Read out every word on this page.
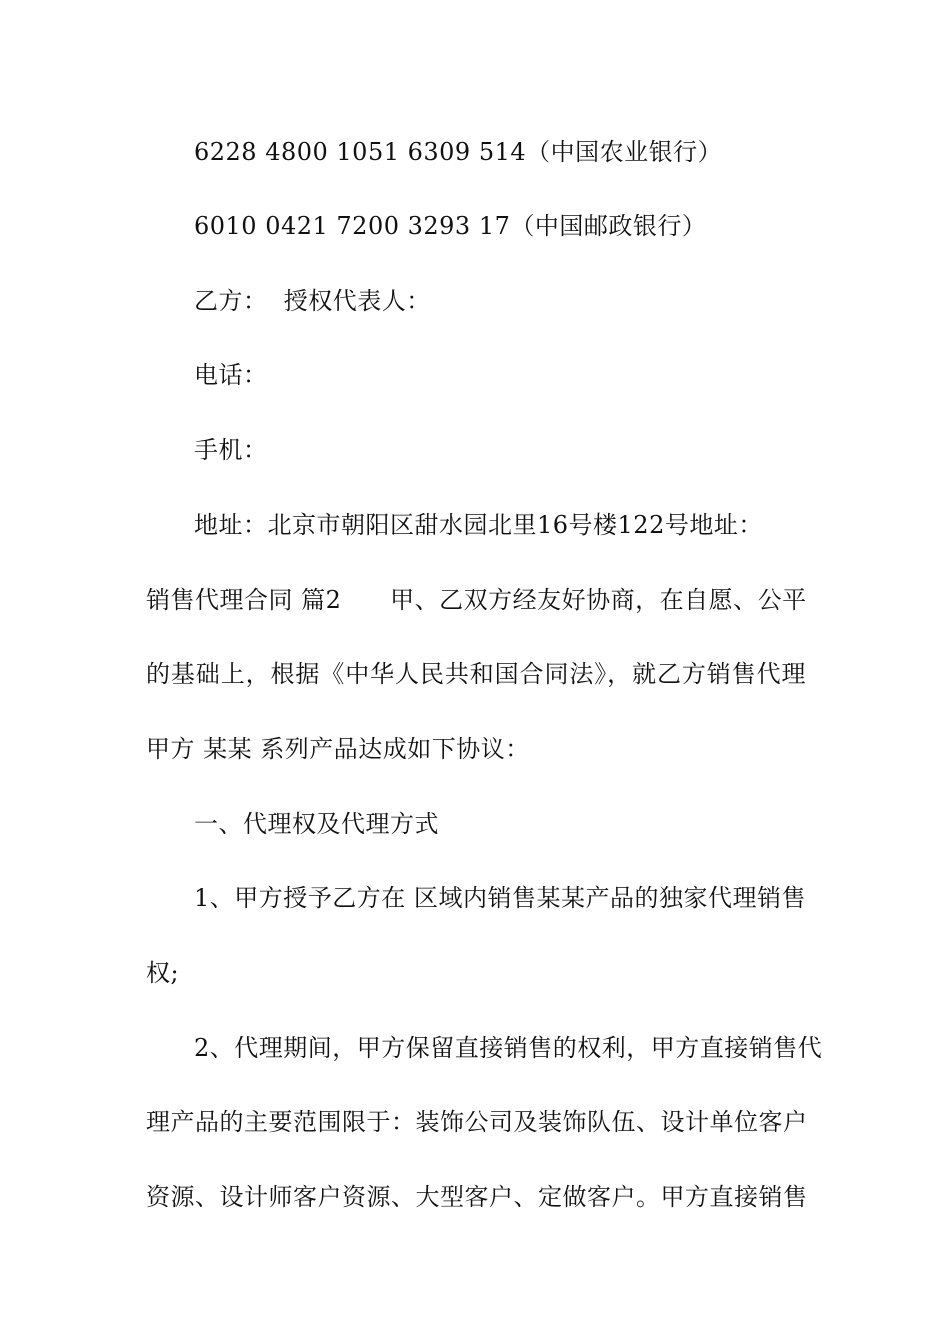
6228 4800 1051 6309 514（中国农业银行）
6010 0421 7200 3293 17（中国邮政银行）
乙方：  授权代表人：
电话：
手机：
地址：北京市朝阳区甜水园北里16号楼122号地址：
销售代理合同 篇2      甲、乙双方经友好协商，在自愿、公平
的基础上，根据《中华人民共和国合同法》，就乙方销售代理
甲方 某某 系列产品达成如下协议：
一、代理权及代理方式
1、甲方授予乙方在 区域内销售某某产品的独家代理销售
权;
2、代理期间，甲方保留直接销售的权利，甲方直接销售代
理产品的主要范围限于：装饰公司及装饰队伍、设计单位客户
资源、设计师客户资源、大型客户、定做客户。甲方直接销售
